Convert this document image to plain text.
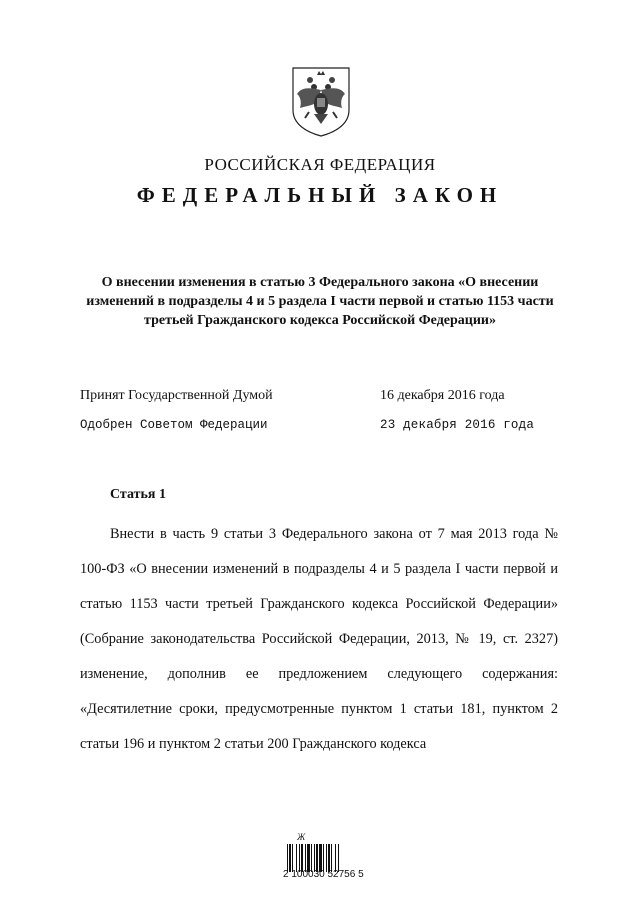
РОССИЙСКАЯ ФЕДЕРАЦИЯ
ФЕДЕРАЛЬНЫЙ ЗАКОН
О внесении изменения в статью 3 Федерального закона «О внесении изменений в подразделы 4 и 5 раздела I части первой и статью 1153 части третьей Гражданского кодекса Российской Федерации»
Принят Государственной Думой	16 декабря 2016 года
Одобрен Советом Федерации	23 декабря 2016 года
Статья 1

Внести в часть 9 статьи 3 Федерального закона от 7 мая 2013 года № 100-ФЗ «О внесении изменений в подразделы 4 и 5 раздела I части первой и статью 1153 части третьей Гражданского кодекса Российской Федерации» (Собрание законодательства Российской Федерации, 2013, № 19, ст. 2327) изменение, дополнив ее предложением следующего содержания: «Десятилетние сроки, предусмотренные пунктом 1 статьи 181, пунктом 2 статьи 196 и пунктом 2 статьи 200 Гражданского кодекса

Ж
2 100030 52756 5
